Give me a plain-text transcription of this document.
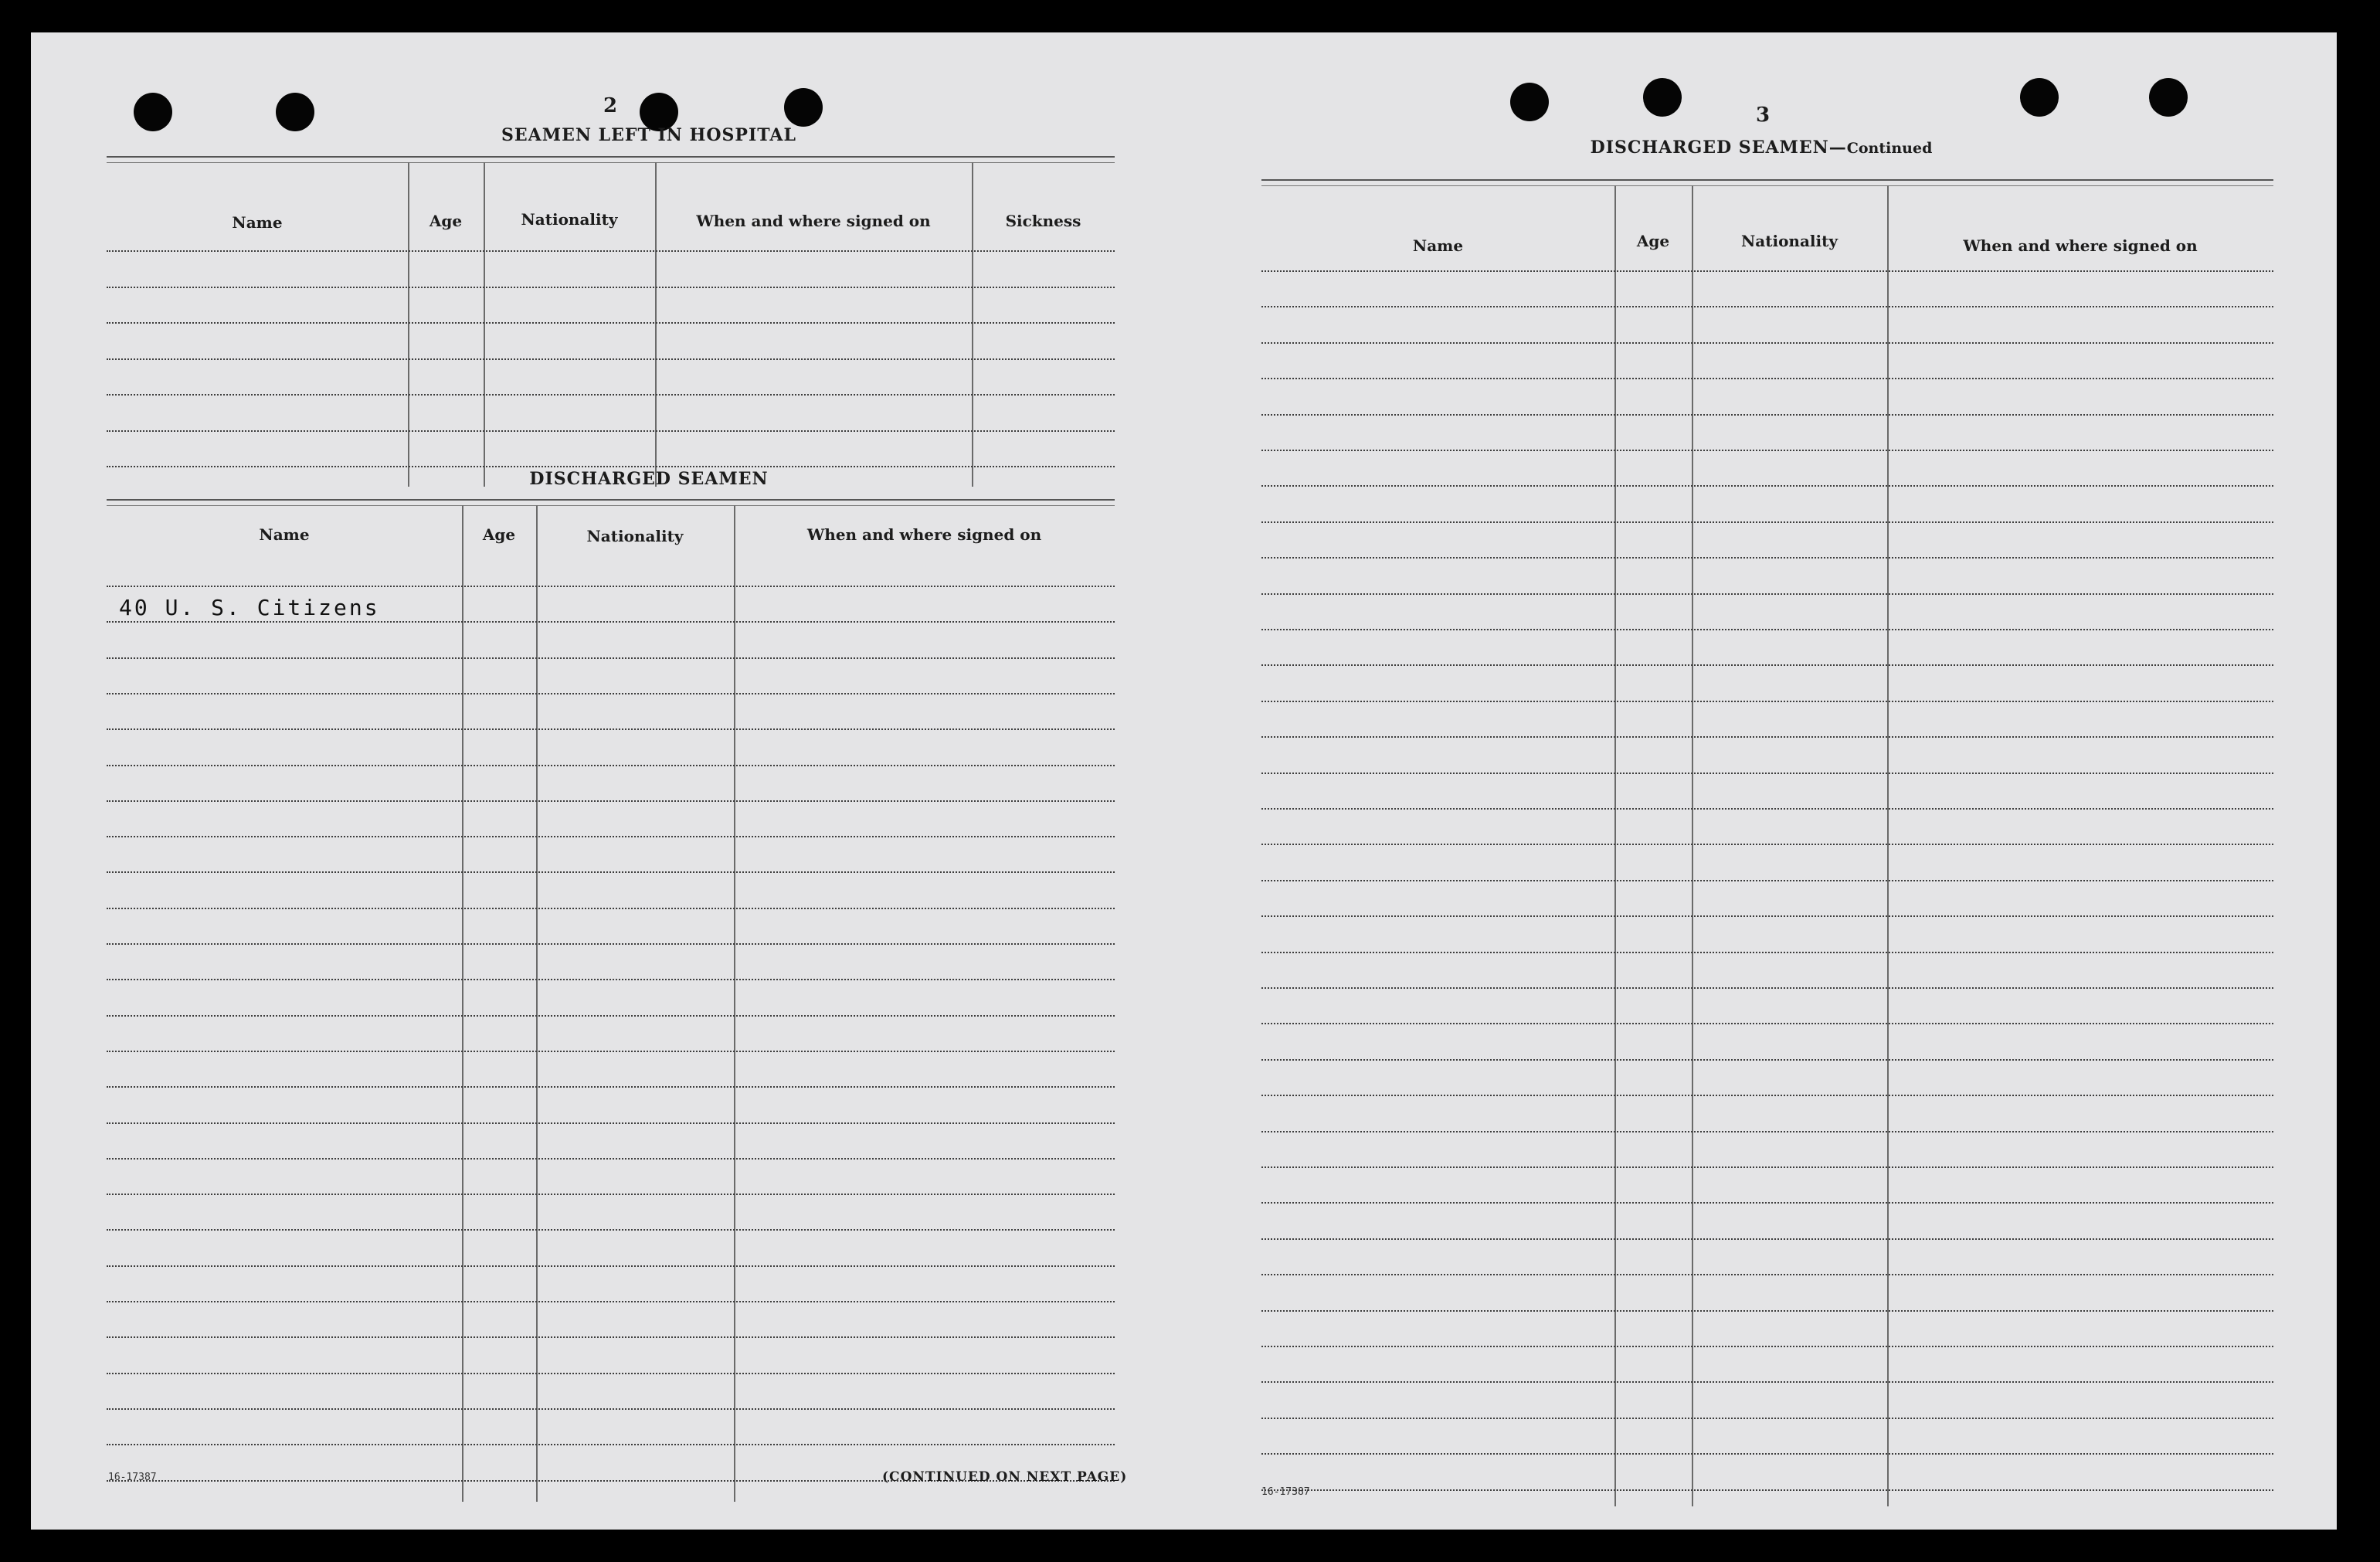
2
SEAMEN LEFT IN HOSPITAL
Name	Age	Nationality	When and where signed on	Sickness
DISCHARGED SEAMEN
Name	Age	Nationality	When and where signed on
40 U. S. Citizens
16-17387	(CONTINUED ON NEXT PAGE)
3
DISCHARGED SEAMEN—Continued
Name	Age	Nationality	When and where signed on
16-17387
